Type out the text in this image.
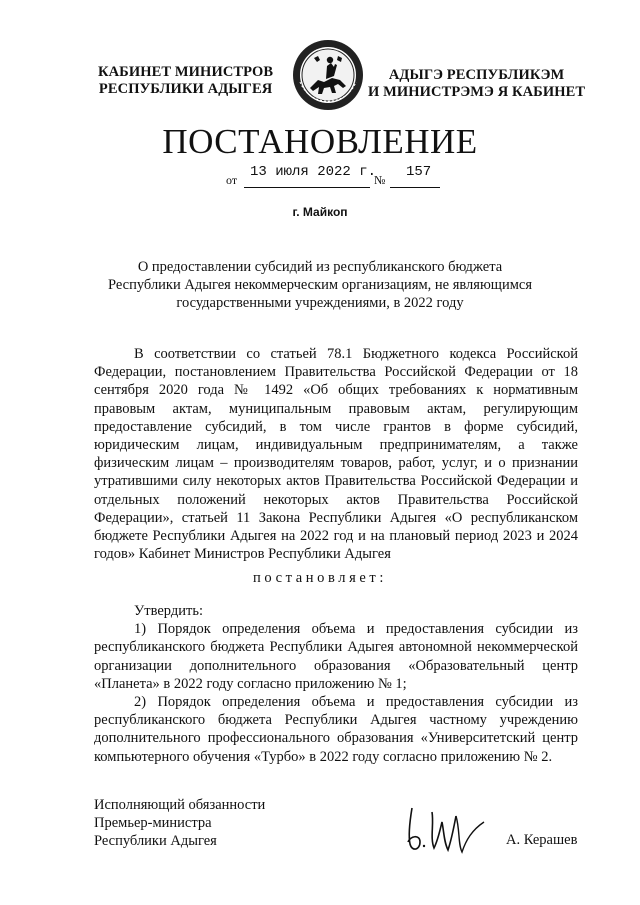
КАБИНЕТ МИНИСТРОВ
РЕСПУБЛИКИ АДЫГЕЯ
АДЫГЭ РЕСПУБЛИКЭМ
И МИНИСТРЭМЭ Я КАБИНЕТ
ПОСТАНОВЛЕНИЕ
от 13 июля 2022 г.
№ 157
г. Майкоп
О предоставлении субсидий из республиканского бюджета
Республики Адыгея некоммерческим организациям, не являющимся
государственными учреждениями, в 2022 году
В соответствии со статьей 78.1 Бюджетного кодекса Российской Федерации, постановлением Правительства Российской Федерации от 18 сентября 2020 года № 1492 «Об общих требованиях к нормативным правовым актам, муниципальным правовым актам, регулирующим предоставление субсидий, в том числе грантов в форме субсидий, юридическим лицам, индивидуальным предпринимателям, а также физическим лицам – производителям товаров, работ, услуг, и о признании утратившими силу некоторых актов Правительства Российской Федерации и отдельных положений некоторых актов Правительства Российской Федерации», статьей 11 Закона Республики Адыгея «О республиканском бюджете Республики Адыгея на 2022 год и на плановый период 2023 и 2024 годов» Кабинет Министров Республики Адыгея
постановляет:

Утвердить:

1) Порядок определения объема и предоставления субсидии из республиканского бюджета Республики Адыгея автономной некоммерческой организации дополнительного образования «Образовательный центр «Планета» в 2022 году согласно приложению № 1;

2) Порядок определения объема и предоставления субсидии из республиканского бюджета Республики Адыгея частному учреждению дополнительного профессионального образования «Университетский центр компьютерного обучения «Турбо» в 2022 году согласно приложению № 2.

Исполняющий обязанности
Премьер-министра
Республики Адыгея	А. Керашев
